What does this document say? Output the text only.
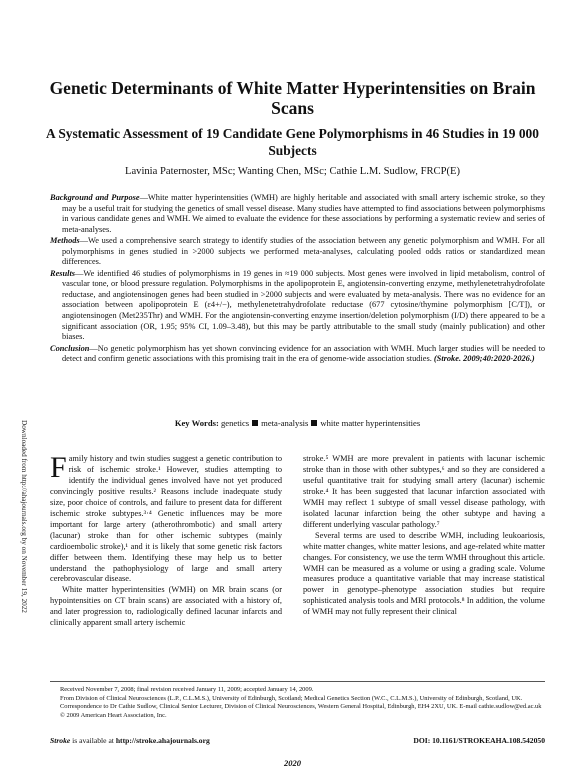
Genetic Determinants of White Matter Hyperintensities on Brain Scans
A Systematic Assessment of 19 Candidate Gene Polymorphisms in 46 Studies in 19 000 Subjects
Lavinia Paternoster, MSc; Wanting Chen, MSc; Cathie L.M. Sudlow, FRCP(E)

Background and Purpose—White matter hyperintensities (WMH) are highly heritable and associated with small artery ischemic stroke, so they may be a useful trait for studying the genetics of small vessel disease. Many studies have attempted to find associations between polymorphisms in various candidate genes and WMH. We aimed to evaluate the evidence for these associations by performing a systematic review and series of meta-analyses.

Methods—We used a comprehensive search strategy to identify studies of the association between any genetic polymorphism and WMH. For all polymorphisms in genes studied in >2000 subjects we performed meta-analyses, calculating pooled odds ratios or standardized mean differences.

Results—We identified 46 studies of polymorphisms in 19 genes in ≈19 000 subjects. Most genes were involved in lipid metabolism, control of vascular tone, or blood pressure regulation. Polymorphisms in the apolipoprotein E, angiotensin-converting enzyme, methylenetetrahydrofolate reductase, and angiotensinogen genes had been studied in >2000 subjects and were evaluated by meta-analysis. There was no evidence for an association between apolipoprotein E (ε4+/−), methylenetetrahydrofolate reductase (677 cytosine/thymine polymorphism [C/T]), or angiotensinogen (Met235Thr) and WMH. For the angiotensin-converting enzyme insertion/deletion polymorphism (I/D) there appeared to be a significant association (OR, 1.95; 95% CI, 1.09–3.48), but this may be partly attributable to the small study (mainly publication) and other biases.

Conclusion—No genetic polymorphism has yet shown convincing evidence for an association with WMH. Much larger studies will be needed to detect and confirm genetic associations with this promising trait in the era of genome-wide association studies. (Stroke. 2009;40:2020-2026.)

Key Words: genetics meta-analysis white matter hyperintensities
Downloaded from http://ahajournals.org by on November 19, 2022 Family history and twin studies suggest a genetic contribution to risk of ischemic stroke.¹ However, studies attempting to identify the individual genes involved have not yet produced convincingly positive results.² Reasons include inadequate study size, poor choice of controls, and failure to present data for different ischemic stroke subtypes.³·⁴ Genetic influences may be more important for large artery (atherothrombotic) and small artery (lacunar) stroke than for other ischemic subtypes (mainly cardioembolic stroke),¹ and it is likely that some genetic risk factors differ between them. Identifying these may help us to better understand the pathophysiology of large and small artery cerebrovascular disease.

White matter hyperintensities (WMH) on MR brain scans (or hypointensities on CT brain scans) are associated with a history of, and later progression to, radiologically defined lacunar infarcts and clinically apparent small artery ischemic

stroke.⁵ WMH are more prevalent in patients with lacunar ischemic stroke than in those with other subtypes,⁶ and so they are considered a useful quantitative trait for studying small artery (lacunar) ischemic stroke.⁴ It has been suggested that lacunar infarction associated with WMH may reflect 1 subtype of small vessel disease pathology, with isolated lacunar infarction being the other subtype and having a different underlying vascular pathology.⁷

Several terms are used to describe WMH, including leukoariosis, white matter changes, white matter lesions, and age-related white matter changes. For consistency, we use the term WMH throughout this article. WMH can be measured as a volume or using a grading scale. Volume measures produce a quantitative variable that may increase statistical power in genotype–phenotype association studies but require sophisticated analysis tools and MRI protocols.⁸ In addition, the volume of WMH may not fully represent their clinical

Received November 7, 2008; final revision received January 11, 2009; accepted January 14, 2009.
From Division of Clinical Neurosciences (L.P., C.L.M.S.), University of Edinburgh, Scotland; Medical Genetics Section (W.C., C.L.M.S.), University of Edinburgh, Scotland, UK.
Correspondence to Dr Cathie Sudlow, Clinical Senior Lecturer, Division of Clinical Neurosciences, Western General Hospital, Edinburgh, EH4 2XU, UK. E-mail cathie.sudlow@ed.ac.uk
© 2009 American Heart Association, Inc.
Stroke is available at http://stroke.ahajournals.org	DOI: 10.1161/STROKEAHA.108.542050
2020
